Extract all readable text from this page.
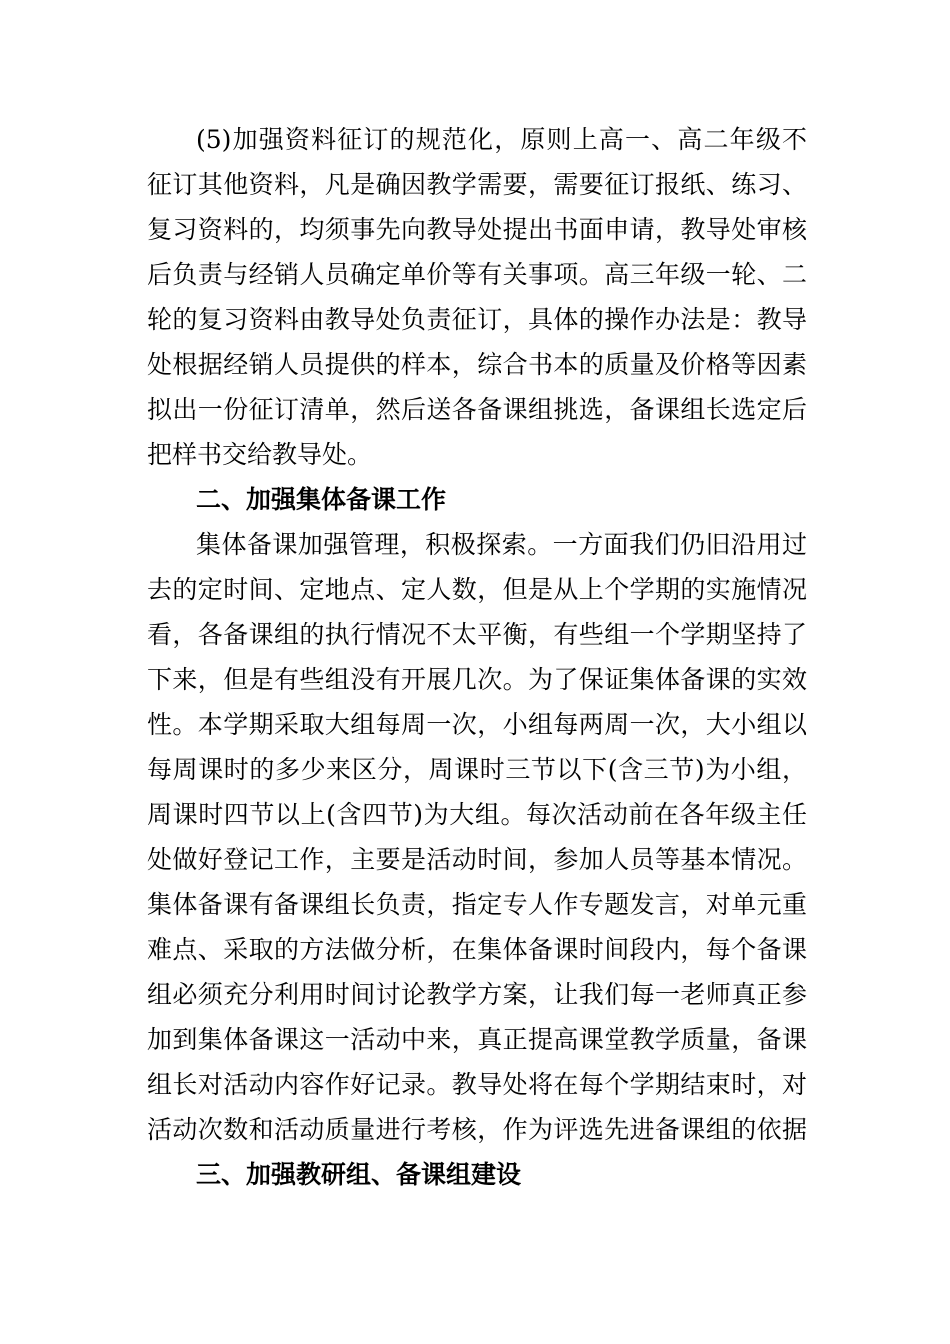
(5)加强资料征订的规范化，原则上高一、高二年级不
征订其他资料，凡是确因教学需要，需要征订报纸、练习、
复习资料的，均须事先向教导处提出书面申请，教导处审核
后负责与经销人员确定单价等有关事项。高三年级一轮、二
轮的复习资料由教导处负责征订，具体的操作办法是：教导
处根据经销人员提供的样本，综合书本的质量及价格等因素
拟出一份征订清单，然后送各备课组挑选，备课组长选定后
把样书交给教导处。
二、加强集体备课工作
集体备课加强管理，积极探索。一方面我们仍旧沿用过
去的定时间、定地点、定人数，但是从上个学期的实施情况
看，各备课组的执行情况不太平衡，有些组一个学期坚持了
下来，但是有些组没有开展几次。为了保证集体备课的实效
性。本学期采取大组每周一次，小组每两周一次，大小组以
每周课时的多少来区分，周课时三节以下(含三节)为小组，
周课时四节以上(含四节)为大组。每次活动前在各年级主任
处做好登记工作，主要是活动时间，参加人员等基本情况。
集体备课有备课组长负责，指定专人作专题发言，对单元重
难点、采取的方法做分析，在集体备课时间段内，每个备课
组必须充分利用时间讨论教学方案，让我们每一老师真正参
加到集体备课这一活动中来，真正提高课堂教学质量，备课
组长对活动内容作好记录。教导处将在每个学期结束时，对
活动次数和活动质量进行考核，作为评选先进备课组的依据
三、加强教研组、备课组建设
